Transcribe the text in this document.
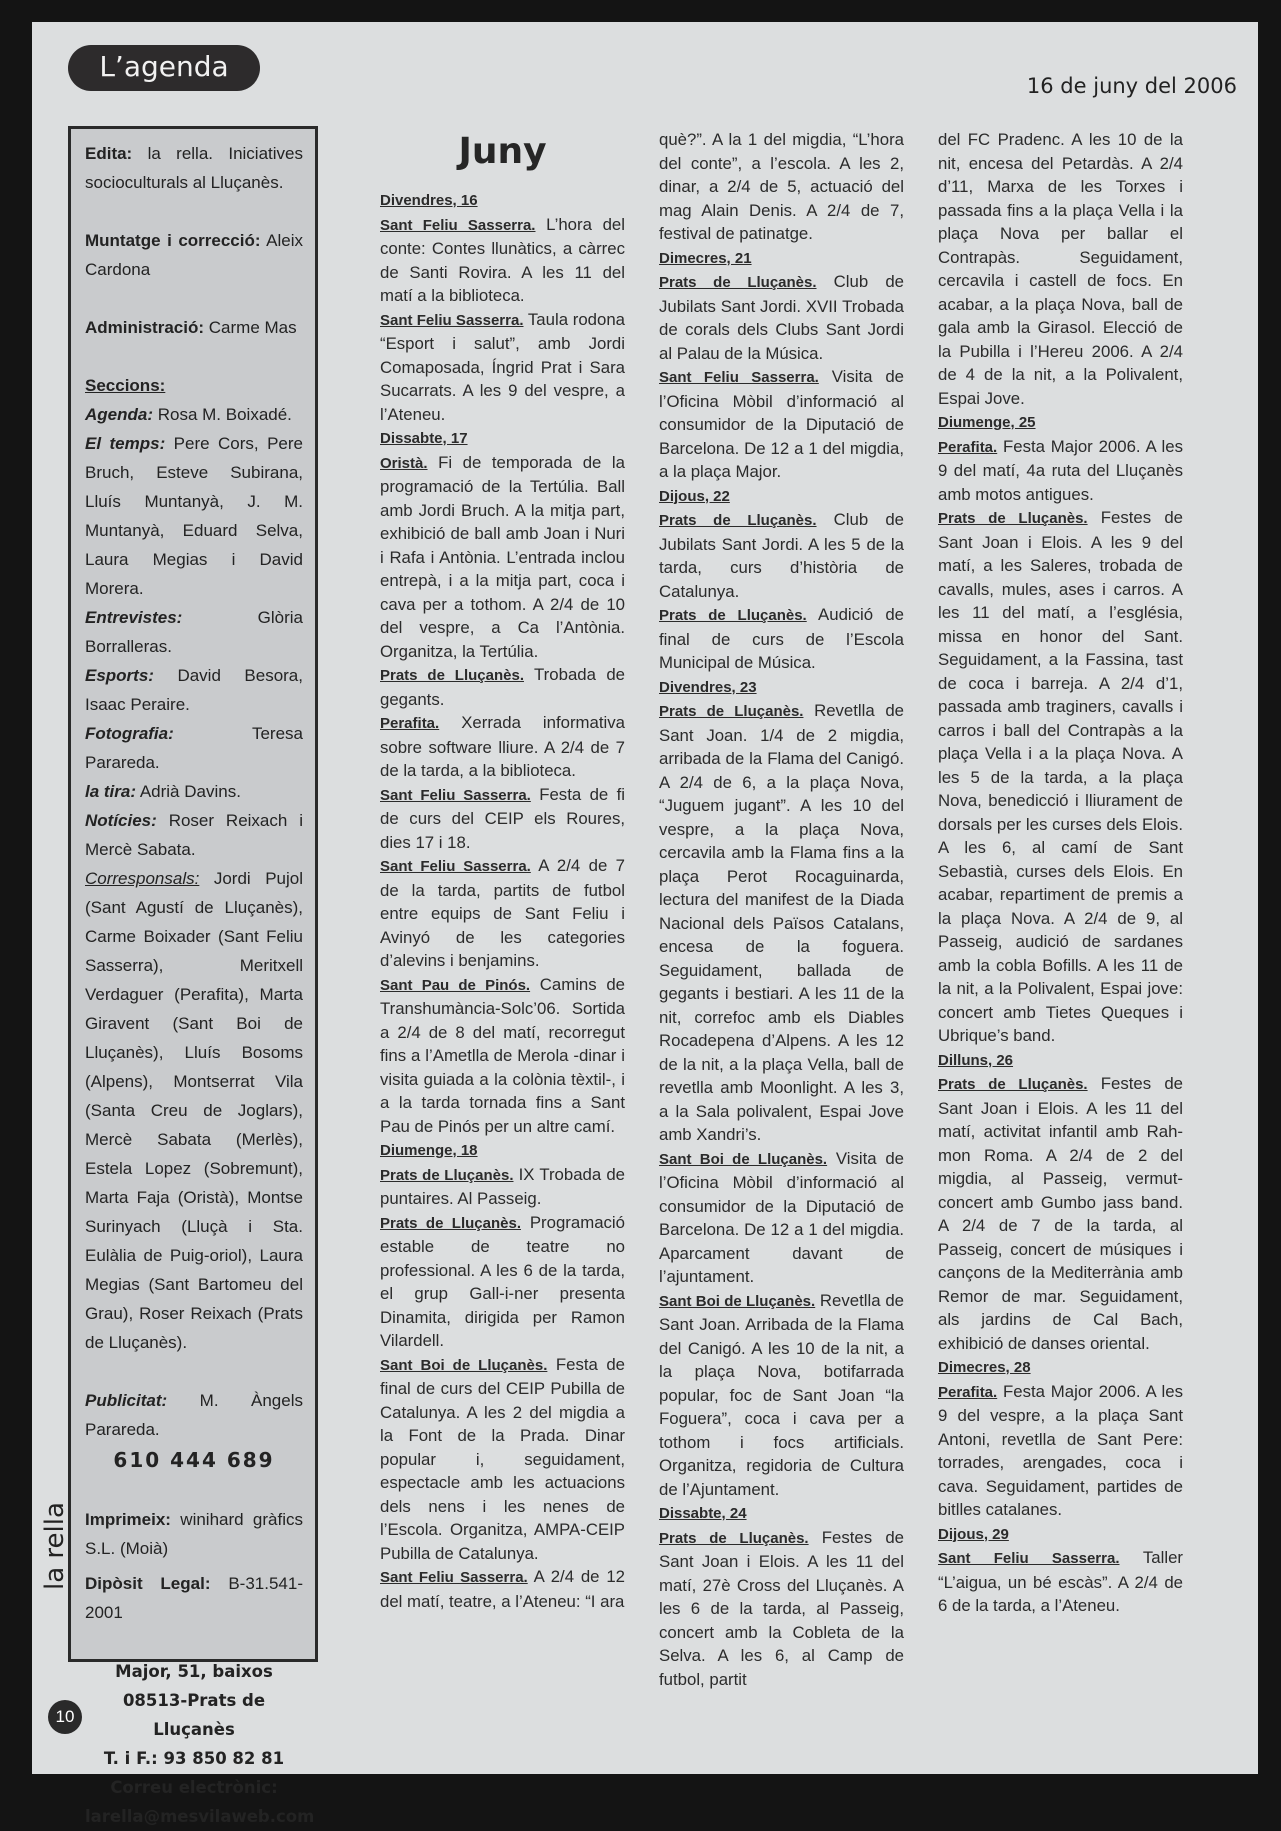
L’agenda
16 de juny del 2006

Edita: la rella. Iniciatives socioculturals al Lluçanès.

Muntatge i correcció: Aleix Cardona

Administració: Carme Mas

Seccions:

Agenda: Rosa M. Boixadé.

El temps: Pere Cors, Pere Bruch, Esteve Subirana, Lluís Muntanyà, J. M. Muntanyà, Eduard Selva, Laura Megias i David Morera.

Entrevistes:	Glòria Borralleras.

Esports: David Besora, Isaac Peraire.

Fotografia:	Teresa Parareda.

la tira: Adrià Davins.

Notícies: Roser Reixach i Mercè Sabata.

Corresponsals: Jordi Pujol (Sant Agustí de Lluçanès), Carme Boixader (Sant Feliu Sasserra), Meritxell Verdaguer (Perafita), Marta Giravent (Sant Boi de Lluçanès), Lluís Bosoms (Alpens), Montserrat Vila (Santa Creu de Joglars), Mercè Sabata (Merlès), Estela Lopez (Sobremunt), Marta Faja (Oristà), Montse Surinyach (Lluçà i Sta. Eulàlia de Puig-oriol), Laura Megias (Sant Bartomeu del Grau), Roser Reixach (Prats de Lluçanès).

Publicitat: M. Àngels Parareda.

610 444 689

Imprimeix: winihard gràfics S.L. (Moià)

Dipòsit Legal: B-31.541-2001

Major, 51, baixos
08513-Prats de Lluçanès
T. i F.: 93 850 82 81
Correu electrònic:
larella@mesvilaweb.com
10
Juny

Divendres, 16

Sant Feliu Sasserra. L’hora del conte: Contes llunàtics, a càrrec de Santi Rovira. A les 11 del matí a la biblioteca.

Sant Feliu Sasserra. Taula rodona “Esport i salut”, amb Jordi Comaposada, Íngrid Prat i Sara Sucarrats. A les 9 del vespre, a l’Ateneu.

Dissabte, 17

Oristà. Fi de temporada de la programació de la Tertúlia. Ball amb Jordi Bruch. A la mitja part, exhibició de ball amb Joan i Nuri i Rafa i Antònia. L’entrada inclou entrepà, i a la mitja part, coca i cava per a tothom. A 2/4 de 10 del vespre, a Ca l’Antònia. Organitza, la Tertúlia.

Prats de Lluçanès. Trobada de gegants.

Perafita. Xerrada informativa sobre software lliure. A 2/4 de 7 de la tarda, a la biblioteca.

Sant Feliu Sasserra. Festa de fi de curs del CEIP els Roures, dies 17 i 18.

Sant Feliu Sasserra. A 2/4 de 7 de la tarda, partits de futbol entre equips de Sant Feliu i Avinyó de les categories d’alevins i benjamins.

Sant Pau de Pinós. Camins de Transhumància-Solc’06. Sortida a 2/4 de 8 del matí, recorregut fins a l’Ametlla de Merola -dinar i visita guiada a la colònia tèxtil-, i a la tarda tornada fins a Sant Pau de Pinós per un altre camí.

Diumenge, 18

Prats de Lluçanès. IX Trobada de puntaires. Al Passeig.

Prats de Lluçanès. Programació estable de teatre no professional. A les 6 de la tarda, el grup Gall-i-ner presenta Dinamita, dirigida per Ramon Vilardell.

Sant Boi de Lluçanès. Festa de final de curs del CEIP Pubilla de Catalunya. A les 2 del migdia a la Font de la Prada. Dinar popular i, seguidament, espectacle amb les actuacions dels nens i les nenes de l’Escola. Organitza, AMPA-CEIP Pubilla de Catalunya.

Sant Feliu Sasserra. A 2/4 de 12 del matí, teatre, a l’Ateneu: “I ara

què?”. A la 1 del migdia, “L’hora del conte”, a l’escola. A les 2, dinar, a 2/4 de 5, actuació del mag Alain Denis. A 2/4 de 7, festival de patinatge.

Dimecres, 21

Prats de Lluçanès. Club de Jubilats Sant Jordi. XVII Trobada de corals dels Clubs Sant Jordi al Palau de la Música.

Sant Feliu Sasserra. Visita de l’Oficina Mòbil d’informació al consumidor de la Diputació de Barcelona. De 12 a 1 del migdia, a la plaça Major.

Dijous, 22

Prats de Lluçanès. Club de Jubilats Sant Jordi. A les 5 de la tarda, curs d’història de Catalunya.

Prats de Lluçanès. Audició de final de curs de l’Escola Municipal de Música.

Divendres, 23

Prats de Lluçanès. Revetlla de Sant Joan. 1/4 de 2 migdia, arribada de la Flama del Canigó. A 2/4 de 6, a la plaça Nova, “Juguem jugant”. A les 10 del vespre, a la plaça Nova, cercavila amb la Flama fins a la plaça Perot Rocaguinarda, lectura del manifest de la Diada Nacional dels Països Catalans, encesa de la foguera. Seguidament, ballada de gegants i bestiari. A les 11 de la nit, correfoc amb els Diables Rocadepena d’Alpens. A les 12 de la nit, a la plaça Vella, ball de revetlla amb Moonlight. A les 3, a la Sala polivalent, Espai Jove amb Xandri’s.

Sant Boi de Lluçanès. Visita de l’Oficina Mòbil d’informació al consumidor de la Diputació de Barcelona. De 12 a 1 del migdia. Aparcament davant de l’ajuntament.

Sant Boi de Lluçanès. Revetlla de Sant Joan. Arribada de la Flama del Canigó. A les 10 de la nit, a la plaça Nova, botifarrada popular, foc de Sant Joan “la Foguera”, coca i cava per a tothom i focs artificials. Organitza, regidoria de Cultura de l’Ajuntament.

Dissabte, 24

Prats de Lluçanès. Festes de Sant Joan i Elois. A les 11 del matí, 27è Cross del Lluçanès. A les 6 de la tarda, al Passeig, concert amb la Cobleta de la Selva. A les 6, al Camp de futbol, partit

del FC Pradenc. A les 10 de la nit, encesa del Petardàs. A 2/4 d’11, Marxa de les Torxes i passada fins a la plaça Vella i la plaça Nova per ballar el Contrapàs. Seguidament, cercavila i castell de focs. En acabar, a la plaça Nova, ball de gala amb la Girasol. Elecció de la Pubilla i l’Hereu 2006. A 2/4 de 4 de la nit, a la Polivalent, Espai Jove.

Diumenge, 25

Perafita. Festa Major 2006. A les 9 del matí, 4a ruta del Lluçanès amb motos antigues.

Prats de Lluçanès. Festes de Sant Joan i Elois. A les 9 del matí, a les Saleres, trobada de cavalls, mules, ases i carros. A les 11 del matí, a l’església, missa en honor del Sant. Seguidament, a la Fassina, tast de coca i barreja. A 2/4 d’1, passada amb traginers, cavalls i carros i ball del Contrapàs a la plaça Vella i a la plaça Nova. A les 5 de la tarda, a la plaça Nova, benedicció i lliurament de dorsals per les curses dels Elois. A les 6, al camí de Sant Sebastià, curses dels Elois. En acabar, repartiment de premis a la plaça Nova. A 2/4 de 9, al Passeig, audició de sardanes amb la cobla Bofills. A les 11 de la nit, a la Polivalent, Espai jove: concert amb Tietes Queques i Ubrique’s band.

Dilluns, 26

Prats de Lluçanès. Festes de Sant Joan i Elois. A les 11 del matí, activitat infantil amb Rah-mon Roma. A 2/4 de 2 del migdia, al Passeig, vermut-concert amb Gumbo jass band. A 2/4 de 7 de la tarda, al Passeig, concert de músiques i cançons de la Mediterrània amb Remor de mar. Seguidament, als jardins de Cal Bach, exhibició de danses oriental.

Dimecres, 28

Perafita. Festa Major 2006. A les 9 del vespre, a la plaça Sant Antoni, revetlla de Sant Pere: torrades, arengades, coca i cava. Seguidament, partides de bitlles catalanes.

Dijous, 29

Sant Feliu Sasserra. Taller “L’aigua, un bé escàs”. A 2/4 de 6 de la tarda, a l’Ateneu.
